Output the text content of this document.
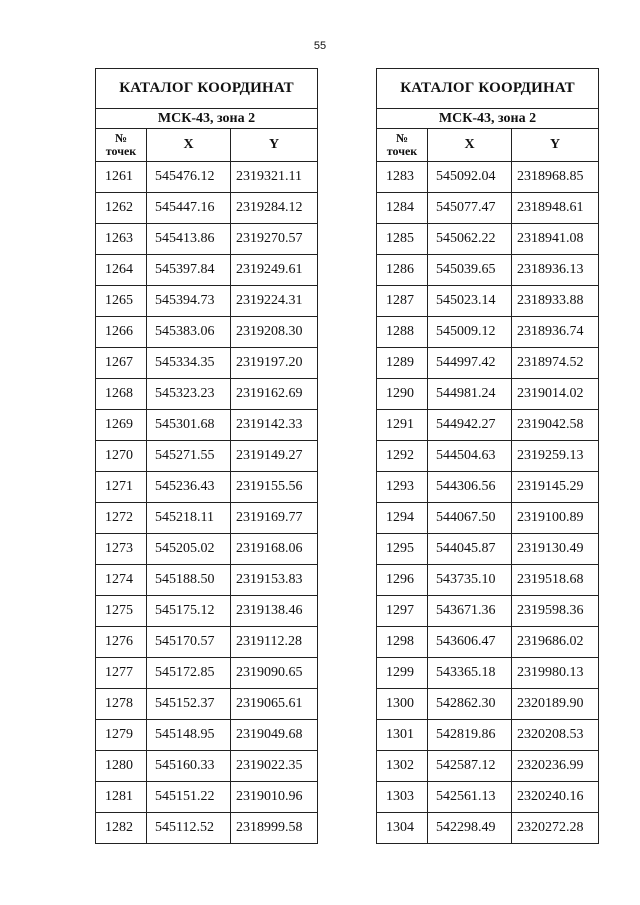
55
КАТАЛОГ КООРДИНАТ		
МСК-43, зона 2		

№
точек	X	Y
1261	545476.12	2319321.11
1262	545447.16	2319284.12
1263	545413.86	2319270.57
1264	545397.84	2319249.61
1265	545394.73	2319224.31
1266	545383.06	2319208.30
1267	545334.35	2319197.20
1268	545323.23	2319162.69
1269	545301.68	2319142.33
1270	545271.55	2319149.27
1271	545236.43	2319155.56
1272	545218.11	2319169.77
1273	545205.02	2319168.06
1274	545188.50	2319153.83
1275	545175.12	2319138.46
1276	545170.57	2319112.28
1277	545172.85	2319090.65
1278	545152.37	2319065.61
1279	545148.95	2319049.68
1280	545160.33	2319022.35
1281	545151.22	2319010.96
1282	545112.52	2318999.58
КАТАЛОГ КООРДИНАТ		
МСК-43, зона 2		

№
точек	X	Y
1283	545092.04	2318968.85
1284	545077.47	2318948.61
1285	545062.22	2318941.08
1286	545039.65	2318936.13
1287	545023.14	2318933.88
1288	545009.12	2318936.74
1289	544997.42	2318974.52
1290	544981.24	2319014.02
1291	544942.27	2319042.58
1292	544504.63	2319259.13
1293	544306.56	2319145.29
1294	544067.50	2319100.89
1295	544045.87	2319130.49
1296	543735.10	2319518.68
1297	543671.36	2319598.36
1298	543606.47	2319686.02
1299	543365.18	2319980.13
1300	542862.30	2320189.90
1301	542819.86	2320208.53
1302	542587.12	2320236.99
1303	542561.13	2320240.16
1304	542298.49	2320272.28
